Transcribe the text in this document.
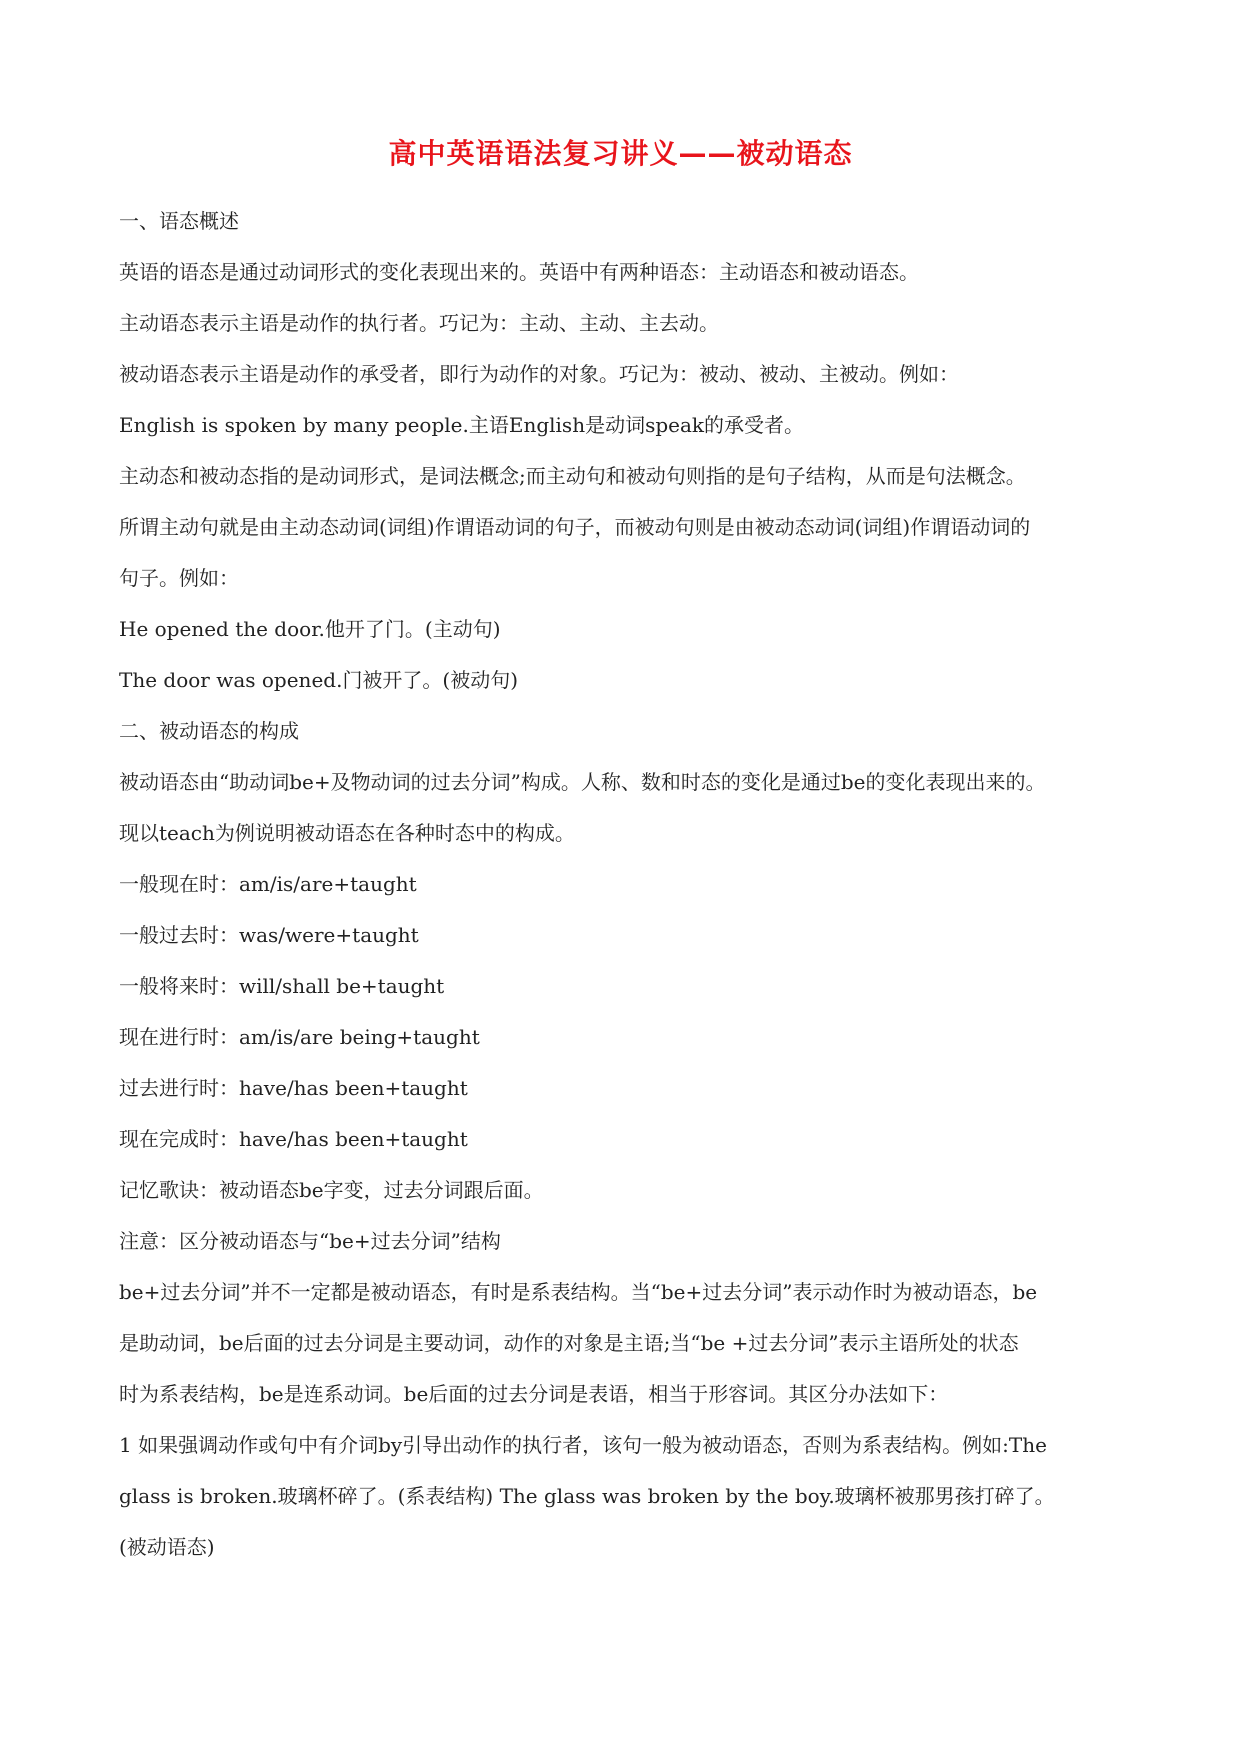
高中英语语法复习讲义——被动语态
一、语态概述
英语的语态是通过动词形式的变化表现出来的。英语中有两种语态：主动语态和被动语态。
主动语态表示主语是动作的执行者。巧记为：主动、主动、主去动。
被动语态表示主语是动作的承受者，即行为动作的对象。巧记为：被动、被动、主被动。例如：
English is spoken by many people.主语English是动词speak的承受者。
主动态和被动态指的是动词形式，是词法概念;而主动句和被动句则指的是句子结构，从而是句法概念。
所谓主动句就是由主动态动词(词组)作谓语动词的句子，而被动句则是由被动态动词(词组)作谓语动词的
句子。例如：
He opened the door.他开了门。(主动句)
The door was opened.门被开了。(被动句)
二、被动语态的构成
被动语态由“助动词be+及物动词的过去分词”构成。人称、数和时态的变化是通过be的变化表现出来的。
现以teach为例说明被动语态在各种时态中的构成。
一般现在时：am/is/are+taught
一般过去时：was/were+taught
一般将来时：will/shall be+taught
现在进行时：am/is/are being+taught
过去进行时：have/has been+taught
现在完成时：have/has been+taught
记忆歌诀：被动语态be字变，过去分词跟后面。
注意：区分被动语态与“be+过去分词”结构
be+过去分词”并不一定都是被动语态，有时是系表结构。当“be+过去分词”表示动作时为被动语态，be
是助动词，be后面的过去分词是主要动词，动作的对象是主语;当“be +过去分词”表示主语所处的状态
时为系表结构，be是连系动词。be后面的过去分词是表语，相当于形容词。其区分办法如下：
1 如果强调动作或句中有介词by引导出动作的执行者，该句一般为被动语态，否则为系表结构。例如:The
glass is broken.玻璃杯碎了。(系表结构) The glass was broken by the boy.玻璃杯被那男孩打碎了。
(被动语态)
